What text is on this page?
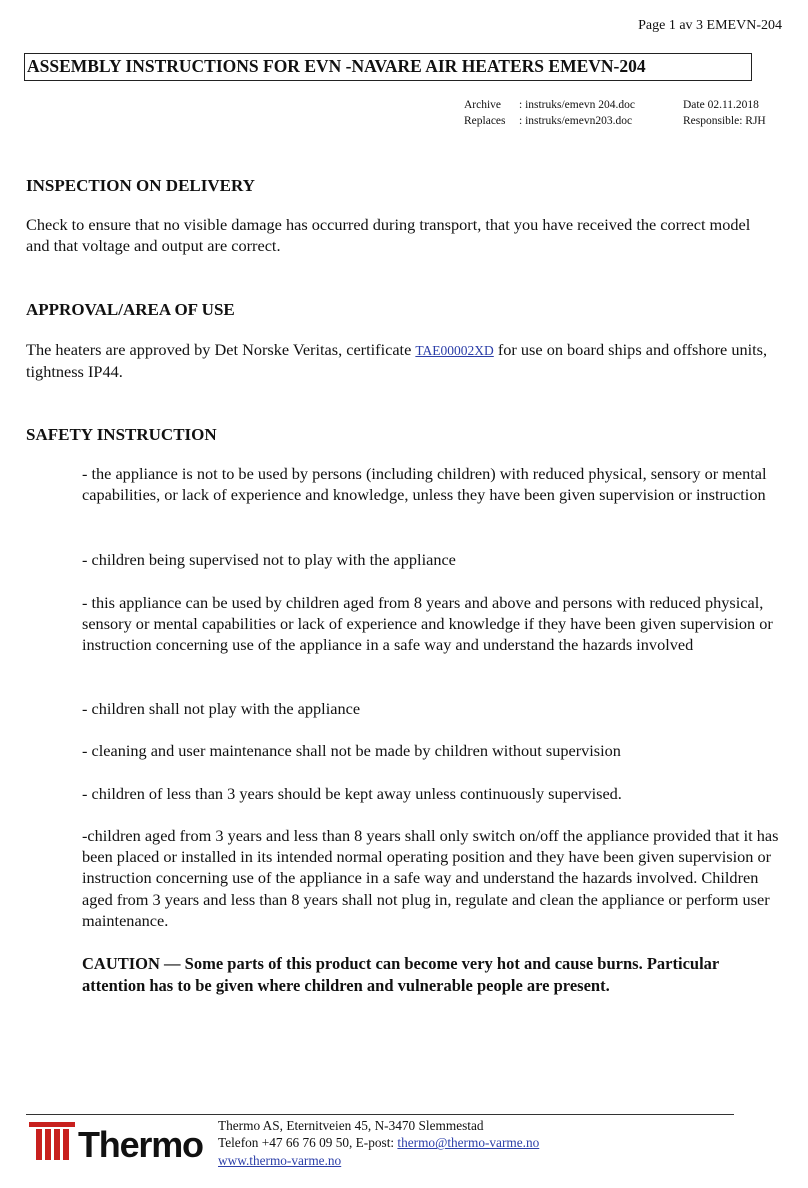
Page 1 av 3 EMEVN-204
ASSEMBLY INSTRUCTIONS FOR EVN -NAVARE AIR HEATERS EMEVN-204
Archive	: instruks/emevn 204.doc
Replaces	: instruks/emevn203.doc
Date 02.11.2018
Responsible: RJH
INSPECTION ON DELIVERY
Check to ensure that no visible damage has occurred during transport, that you have received the correct model and that voltage and output are correct.
APPROVAL/AREA OF USE
The heaters are approved by Det Norske Veritas, certificate TAE00002XD for use on board ships and offshore units, tightness IP44.
SAFETY INSTRUCTION
- the appliance is not to be used by persons (including children) with reduced physical, sensory or mental capabilities, or lack of experience and knowledge, unless they have been given supervision or instruction
- children being supervised not to play with the appliance
- this appliance can be used by children aged from 8 years and above and persons with reduced physical, sensory or mental capabilities or lack of experience and knowledge if they have been given supervision or instruction concerning use of the appliance in a safe way and understand the hazards involved
- children shall not play with the appliance
- cleaning and user maintenance shall not be made by children without supervision
- children of less than 3 years should be kept away unless continuously supervised.
-children aged from 3 years and less than 8 years shall only switch on/off the appliance provided that it has been placed or installed in its intended normal operating position and they have been given supervision or instruction concerning use of the appliance in a safe way and understand the hazards involved. Children aged from 3 years and less than 8 years shall not plug in, regulate and clean the appliance or perform user maintenance.
CAUTION — Some parts of this product can become very hot and cause burns. Particular attention has to be given where children and vulnerable people are present.
Thermo Thermo AS, Eternitveien 45, N-3470 Slemmestad
Telefon +47 66 76 09 50, E-post: thermo@thermo-varme.no
www.thermo-varme.no
